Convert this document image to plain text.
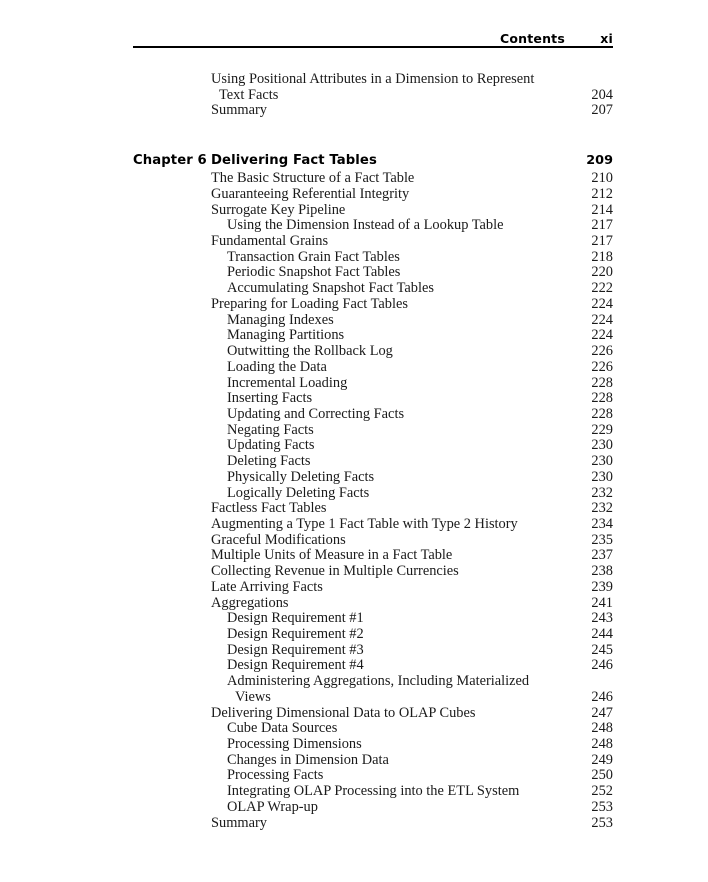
Contents	xi
Using Positional Attributes in a Dimension to Represent
Text Facts	204
Summary	207
Chapter 6 Delivering Fact Tables	209
The Basic Structure of a Fact Table	210
Guaranteeing Referential Integrity	212
Surrogate Key Pipeline	214
Using the Dimension Instead of a Lookup Table	217
Fundamental Grains	217
Transaction Grain Fact Tables	218
Periodic Snapshot Fact Tables	220
Accumulating Snapshot Fact Tables	222
Preparing for Loading Fact Tables	224
Managing Indexes	224
Managing Partitions	224
Outwitting the Rollback Log	226
Loading the Data	226
Incremental Loading	228
Inserting Facts	228
Updating and Correcting Facts	228
Negating Facts	229
Updating Facts	230
Deleting Facts	230
Physically Deleting Facts	230
Logically Deleting Facts	232
Factless Fact Tables	232
Augmenting a Type 1 Fact Table with Type 2 History	234
Graceful Modifications	235
Multiple Units of Measure in a Fact Table	237
Collecting Revenue in Multiple Currencies	238
Late Arriving Facts	239
Aggregations	241
Design Requirement #1	243
Design Requirement #2	244
Design Requirement #3	245
Design Requirement #4	246
Administering Aggregations, Including Materialized
Views	246
Delivering Dimensional Data to OLAP Cubes	247
Cube Data Sources	248
Processing Dimensions	248
Changes in Dimension Data	249
Processing Facts	250
Integrating OLAP Processing into the ETL System	252
OLAP Wrap-up	253
Summary	253
